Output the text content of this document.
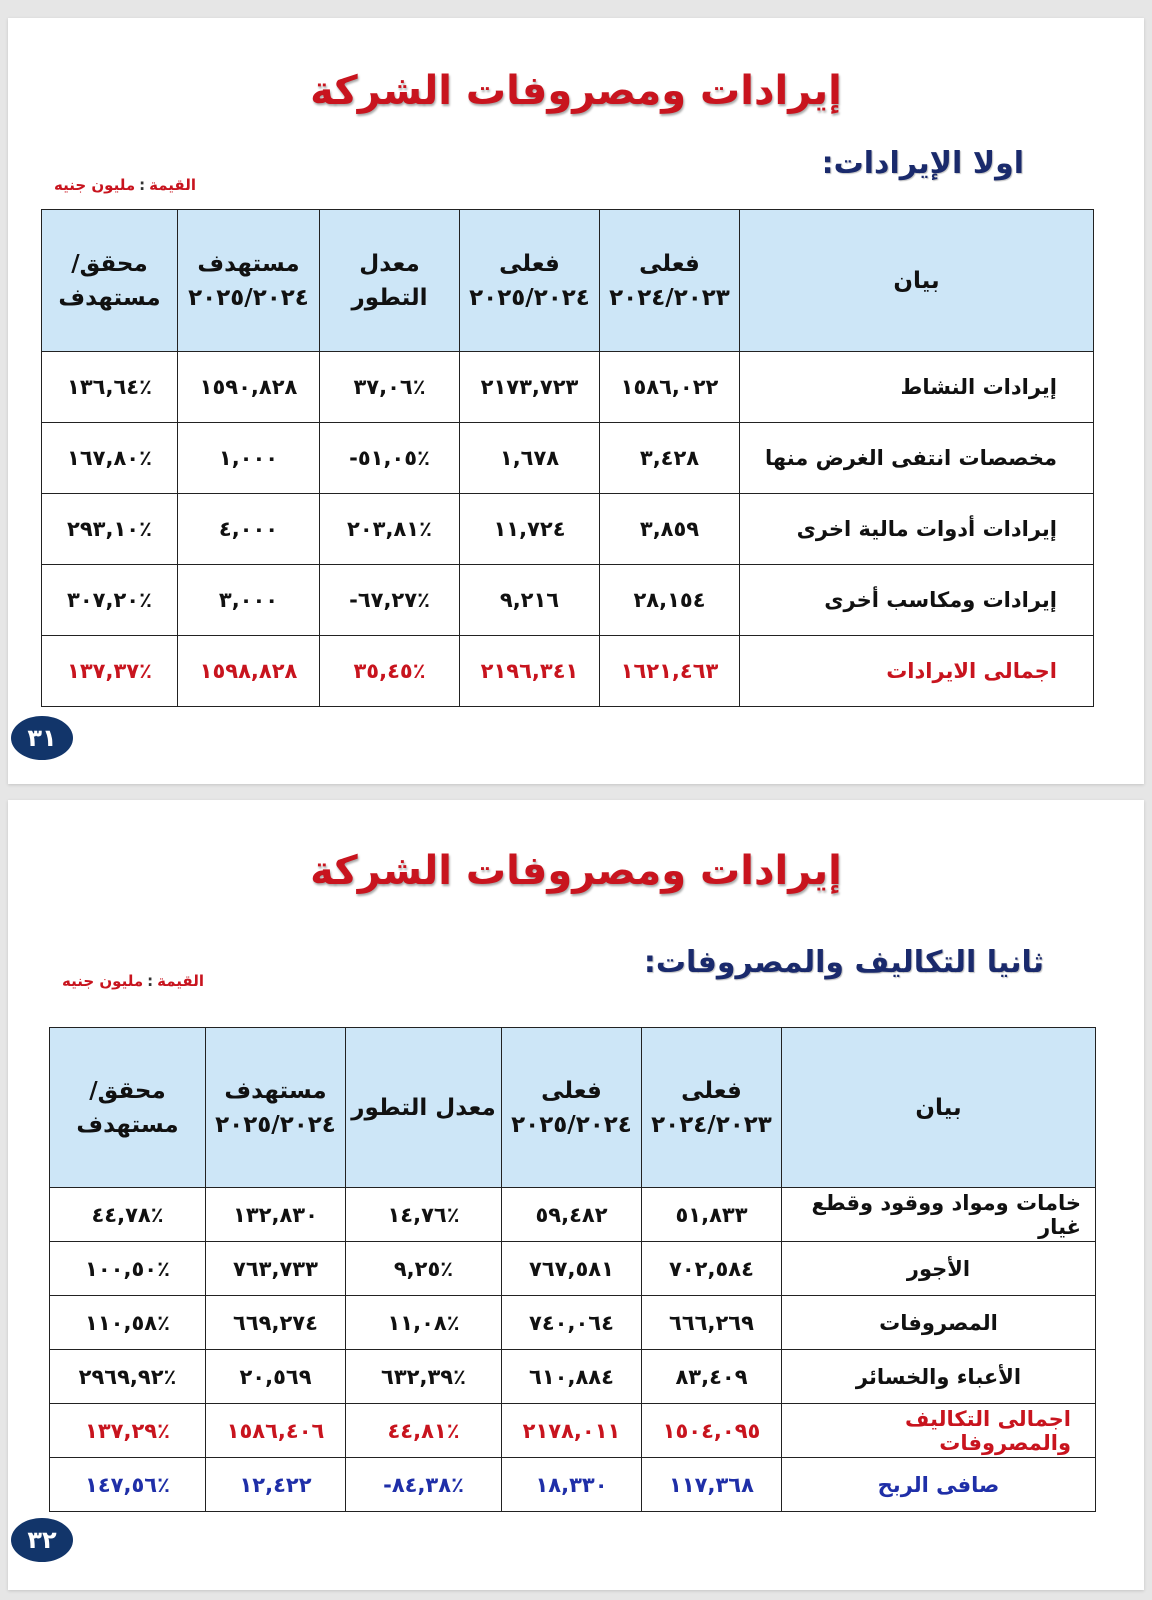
إيرادات ومصروفات الشركة
اولا الإيرادات:
القيمة:مليون جنيه
بيان	فعلى ٢٠٢٤/٢٠٢٣	فعلى ٢٠٢٥/٢٠٢٤	معدل التطور	مستهدف ٢٠٢٥/٢٠٢٤	محقق/ مستهدف
إيرادات النشاط	١٥٨٦,٠٢٢	٢١٧٣,٧٢٣	٪٣٧,٠٦	١٥٩٠,٨٢٨	٪١٣٦,٦٤
مخصصات انتفى الغرض منها	٣,٤٢٨	١,٦٧٨	٪٥١,٠٥-	١,٠٠٠	٪١٦٧,٨٠
إيرادات أدوات مالية اخرى	٣,٨٥٩	١١,٧٢٤	٪٢٠٣,٨١	٤,٠٠٠	٪٢٩٣,١٠
إيرادات ومكاسب أخرى	٢٨,١٥٤	٩,٢١٦	٪٦٧,٢٧-	٣,٠٠٠	٪٣٠٧,٢٠
اجمالى الايرادات	١٦٢١,٤٦٣	٢١٩٦,٣٤١	٪٣٥,٤٥	١٥٩٨,٨٢٨	٪١٣٧,٣٧
٣١
إيرادات ومصروفات الشركة
ثانيا التكاليف والمصروفات:
القيمة:مليون جنيه
بيان	فعلى ٢٠٢٤/٢٠٢٣	فعلى ٢٠٢٥/٢٠٢٤	معدل التطور	مستهدف ٢٠٢٥/٢٠٢٤	محقق/ مستهدف
خامات ومواد ووقود وقطع غيار	٥١,٨٣٣	٥٩,٤٨٢	٪١٤,٧٦	١٣٢,٨٣٠	٪٤٤,٧٨
الأجور	٧٠٢,٥٨٤	٧٦٧,٥٨١	٪٩,٢٥	٧٦٣,٧٣٣	٪١٠٠,٥٠
المصروفات	٦٦٦,٢٦٩	٧٤٠,٠٦٤	٪١١,٠٨	٦٦٩,٢٧٤	٪١١٠,٥٨
الأعباء والخسائر	٨٣,٤٠٩	٦١٠,٨٨٤	٪٦٣٢,٣٩	٢٠,٥٦٩	٪٢٩٦٩,٩٢
اجمالى التكاليف والمصروفات	١٥٠٤,٠٩٥	٢١٧٨,٠١١	٪٤٤,٨١	١٥٨٦,٤٠٦	٪١٣٧,٢٩
صافى الربح	١١٧,٣٦٨	١٨,٣٣٠	٪٨٤,٣٨-	١٢,٤٢٢	٪١٤٧,٥٦
٣٢
